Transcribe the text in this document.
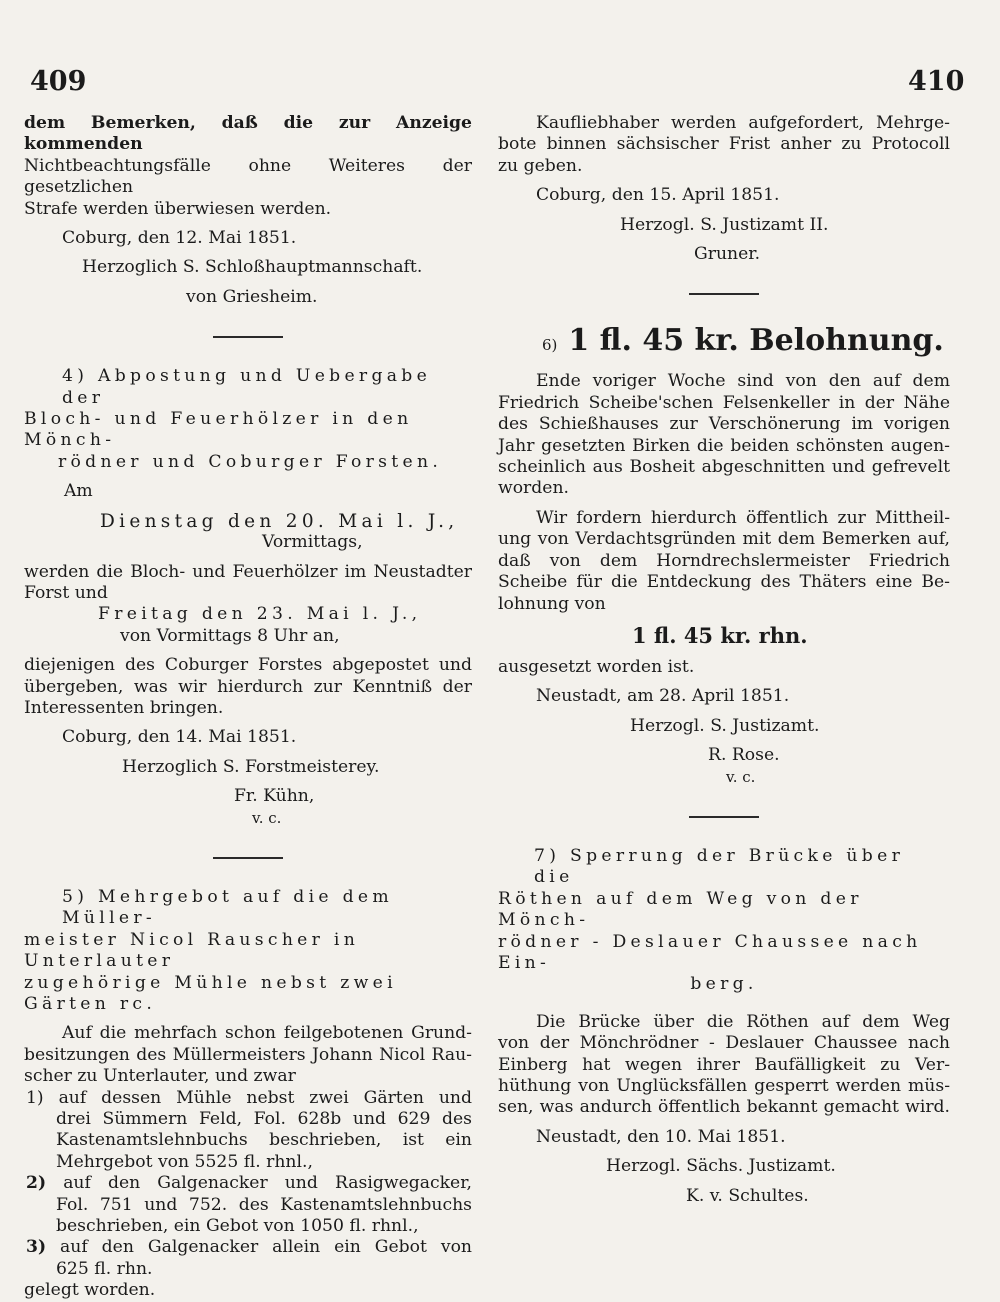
409	410

dem Bemerken, daß die zur Anzeige kommenden

Nichtbeachtungsfälle ohne Weiteres der gesetzlichen

Strafe werden überwiesen werden.

Coburg, den 12. Mai 1851.

Herzoglich S. Schloßhauptmannschaft.

von Griesheim.

4) Abpostung und Uebergabe der

Bloch- und Feuerhölzer in den Mönch-

rödner und Coburger Forsten.

Am

Dienstag den 20. Mai l. J.,

Vormittags,

werden die Bloch- und Feuerhölzer im Neustadter

Forst und

Freitag den 23. Mai l. J.,

von Vormittags 8 Uhr an,

diejenigen des Coburger Forstes abgepostet und

übergeben, was wir hierdurch zur Kenntniß der

Interessenten bringen.

Coburg, den 14. Mai 1851.

Herzoglich S. Forstmeisterey.

Fr. Kühn,

v. c.

5) Mehrgebot auf die dem Müller-

meister Nicol Rauscher in Unterlauter

zugehörige Mühle nebst zwei Gärten rc.

Auf die mehrfach schon feilgebotenen Grund-

besitzungen des Müllermeisters Johann Nicol Rau-

scher zu Unterlauter, und zwar

1) auf dessen Mühle nebst zwei Gärten und

drei Sümmern Feld, Fol. 628b und 629 des

Kastenamtslehnbuchs beschrieben, ist ein

Mehrgebot von 5525 fl. rhnl.,

2) auf den Galgenacker und Rasigwegacker,

Fol. 751 und 752. des Kastenamtslehnbuchs

beschrieben, ein Gebot von 1050 fl. rhnl.,

3) auf den Galgenacker allein ein Gebot von

625 fl. rhn.

gelegt worden.

Kaufliebhaber werden aufgefordert, Mehrge-

bote binnen sächsischer Frist anher zu Protocoll

zu geben.

Coburg, den 15. April 1851.

Herzogl. S. Justizamt II.

Gruner.

6) 1 fl. 45 kr. Belohnung.

Ende voriger Woche sind von den auf dem

Friedrich Scheibe'schen Felsenkeller in der Nähe

des Schießhauses zur Verschönerung im vorigen

Jahr gesetzten Birken die beiden schönsten augen-

scheinlich aus Bosheit abgeschnitten und gefrevelt

worden.

Wir fordern hierdurch öffentlich zur Mittheil-

ung von Verdachtsgründen mit dem Bemerken auf,

daß von dem Horndrechslermeister Friedrich

Scheibe für die Entdeckung des Thäters eine Be-

lohnung von

1 fl. 45 kr. rhn.

ausgesetzt worden ist.

Neustadt, am 28. April 1851.

Herzogl. S. Justizamt.

R. Rose.

v. c.

7) Sperrung der Brücke über die

Röthen auf dem Weg von der Mönch-

rödner - Deslauer Chaussee nach Ein-

berg.

Die Brücke über die Röthen auf dem Weg

von der Mönchrödner - Deslauer Chaussee nach

Einberg hat wegen ihrer Baufälligkeit zu Ver-

hüthung von Unglücksfällen gesperrt werden müs-

sen, was andurch öffentlich bekannt gemacht wird.

Neustadt, den 10. Mai 1851.

Herzogl. Sächs. Justizamt.

K. v. Schultes.
